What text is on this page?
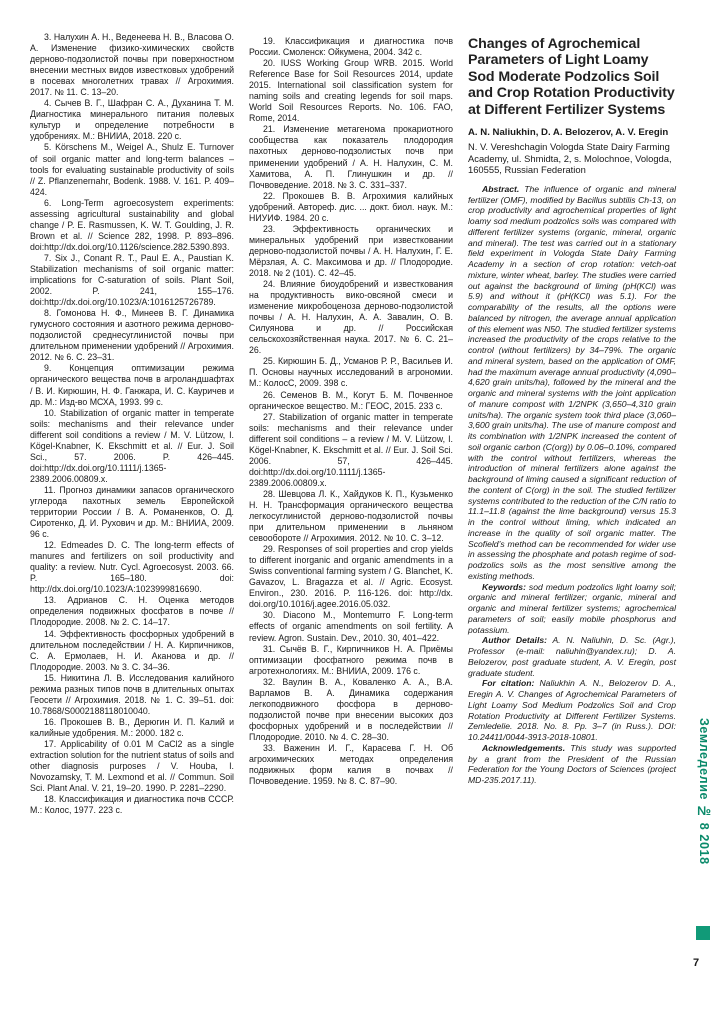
3. Налухин А. Н., Веденеева Н. В., Власова О. А. Изменение физико-химических свойств дерново-подзолистой почвы при поверхностном внесении местных видов известковых удобрений в посевах многолетних травах // Агрохимия. 2017. № 11. С. 13–20.

4. Сычев В. Г., Шафран С. А., Духанина Т. М. Диагностика минерального питания полевых культур и определение потребности в удобрениях. М.: ВНИИА, 2018. 220 с.

5. Körschens M., Weigel A., Shulz E. Turnover of soil organic matter and long-term balances – tools for evaluating sustainable productivity of soils // Z. Pflanzenernahr, Bodenk. 1988. V. 161. P. 409–424.

6. Long-Term agroecosystem experiments: assessing agricultural sustainability and global change / P. E. Rasmussen, K. W. T. Goulding, J. R. Brown et al. // Science 282, 1998. P. 893–896. doi:http://dx.doi.org/10.1126/science.282.5390.893.

7. Six J., Conant R. T., Paul E. A., Paustian K. Stabilization mechanisms of soil organic matter: implications for C-saturation of soils. Plant Soil, 2002. P. 241, 155–176. doi:http://dx.doi.org/10.1023/A:1016125726789.

8. Гомонова Н. Ф., Минеев В. Г. Динамика гумусного состояния и азотного режима дерново-подзолистой среднесуглинистой почвы при длительном применении удобрений // Агрохимия. 2012. № 6. С. 23–31.

9. Концепция оптимизации режима органического вещества почв в агроландшафтах / В. И. Кирюшин, Н. Ф. Ганжара, И. С. Кауричев и др. М.: Изд-во МСХА, 1993. 99 с.

10. Stabilization of organic matter in temperate soils: mechanisms and their relevance under different soil conditions a review / M. V. Lützow, I. Kögel-Knabner, K. Ekschmitt et al. // Eur. J. Soil Sci., 57. 2006. P. 426–445. doi:http://dx.doi.org/10.1111/j.1365-2389.2006.00809.x.

11. Прогноз динамики запасов органического углерода пахотных земель Европейской территории России / В. А. Романенков, О. Д. Сиротенко, Д. И. Рухович и др. М.: ВНИИА, 2009. 96 с.

12. Edmeades D. C. The long-term effects of manures and fertilizers on soil productivity and quality: a review. Nutr. Cycl. Agroecosyst. 2003. 66. P. 165–180. doi: http://dx.doi.org/10.1023/A:1023999816690.

13. Адрианов С. Н. Оценка методов определения подвижных фосфатов в почве // Плодородие. 2008. № 2. С. 14–17.

14. Эффективность фосфорных удобрений в длительном последействии / Н. А. Кирпичников, С. А. Ермолаев, Н. И. Аканова и др. // Плодородие. 2003. № 3. С. 34–36.

15. Никитина Л. В. Исследования калийного режима разных типов почв в длительных опытах Геосети // Агрохимия. 2018. № 1. С. 39–51. doi: 10.7868/S0002188118010040.

16. Прокошев В. В., Дерюгин И. П. Калий и калийные удобрения. М.: 2000. 182 с.

17. Applicability of 0.01 M CaCl2 as a single extraction solution for the nutrient status of soils and other diagnosis purposes / V. Houba, I. Novozamsky, T. M. Lexmond et al. // Commun. Soil Sci. Plant Anal. V. 21, 19–20. 1990. P. 2281–2290.

18. Классификация и диагностика почв СССР. М.: Колос, 1977. 223 с.

19. Классификация и диагностика почв России. Смоленск: Ойкумена, 2004. 342 с.

20. IUSS Working Group WRB. 2015. World Reference Base for Soil Resources 2014, update 2015. International soil classification system for naming soils and creating legends for soil maps. World Soil Resources Reports. No. 106. FAO, Rome, 2014.

21. Изменение метагенома прокариотного сообщества как показатель плодородия пахотных дерново-подзолистых почв при применении удобрений / А. Н. Налухин, С. М. Хамитова, А. П. Глинушкин и др. // Почвоведение. 2018. № 3. С. 331–337.

22. Прокошев В. В. Агрохимия калийных удобрений. Автореф. дис. ... докт. биол. наук. М.: НИУИФ. 1984. 20 с.

23. Эффективность органических и минеральных удобрений при известковании дерново-подзолистой почвы / А. Н. Налухин, Г. Е. Мёрзлая, А. С. Максимова и др. // Плодородие. 2018. № 2 (101). С. 42–45.

24. Влияние биоудобрений и известкования на продуктивность вико-овсяной смеси и изменение микробоценоза дерново-подзолистой почвы / А. Н. Налухин, А. А. Завалин, О. В. Силуянова и др. // Российская сельскохозяйственная наука. 2017. № 6. С. 21–26.

25. Кирюшин Б. Д., Усманов Р. Р., Васильев И. П. Основы научных исследований в агрономии. М.: КолосС, 2009. 398 с.

26. Семенов В. М., Когут Б. М. Почвенное органическое вещество. М.: ГЕОС, 2015. 233 с.

27. Stabilization of organic matter in temperate soils: mechanisms and their relevance under different soil conditions – a review / M. V. Lützow, I. Kögel-Knabner, K. Ekschmitt et al. // Eur. J. Soil Sci. 2006. 57, 426–445. doi:http://dx.doi.org/10.1111/j.1365-2389.2006.00809.x.

28. Шевцова Л. К., Хайдуков К. П., Кузьменко Н. Н. Трансформация органического вещества легкосуглинистой дерново-подзолистой почвы при длительном применении в льняном севообороте // Агрохимия. 2012. № 10. С. 3–12.

29. Responses of soil properties and crop yields to different inorganic and organic amendments in a Swiss conventional farming system / G. Blanchet, K. Gavazov, L. Bragazza et al. // Agric. Ecosyst. Environ., 230. 2016. P. 116-126. doi: http://dx. doi.org/10.1016/j.agee.2016.05.032.

30. Diacono M., Montemurro F. Long-term effects of organic amendments on soil fertility. A review. Agron. Sustain. Dev., 2010. 30, 401–422.

31. Сычёв В. Г., Кирпичников Н. А. Приёмы оптимизации фосфатного режима почв в агротехнологиях. М.: ВНИИА, 2009. 176 с.

32. Ваулин В. А., Коваленко А. А., В.А. Варламов В. А. Динамика содержания легкоподвижного фосфора в дерново-подзолистой почве при внесении высоких доз фосфорных удобрений и в последействии // Плодородие. 2010. № 4. С. 28–30.

33. Важенин И. Г., Карасева Г. Н. Об агрохимических методах определения подвижных форм калия в почвах // Почвоведение. 1959. № 8. С. 87–90.

Changes of Agrochemical Parameters of Light Loamy Sod Moderate Podzolics Soil and Crop Rotation Productivity at Different Fertilizer Systems
A. N. Naliukhin, D. A. Belozerov, A. V. Eregin
N. V. Vereshchagin Vologda State Dairy Farming Academy, ul. Shmidta, 2, s. Molochnoe, Vologda, 160555, Russian Federation

Abstract. The influence of organic and mineral fertilizer (OMF), modified by Bacillus subtilis Ch-13, on crop productivity and agrochemical properties of light loamy sod medium podzolics soils was compared with different fertilizer systems (organic, mineral, organic and mineral). The test was carried out in a stationary field experiment in Vologda State Dairy Farming Academy in a section of crop rotation: vetch-oat mixture, winter wheat, barley. The studies were carried out against the background of liming (pH(KCl) was 5.9) and without it (pH(KCl) was 5.1). For the comparability of the results, all the options were balanced by nitrogen, the average annual application of this element was N50. The studied fertilizer systems increased the productivity of the crops relative to the control (without fertilizers) by 34–79%. The organic and mineral system, based on the application of OMF, had the maximum average annual productivity (4,090–4,620 grain units/ha), followed by the mineral and the organic and mineral systems with the joint application of manure compost with 1/2NPK (3,650–4,310 grain units/ha). The organic system took third place (3,060–3,600 grain units/ha). The use of manure compost and its combination with 1/2NPK increased the content of soil organic carbon (C(org)) by 0.06–0.10%, compared with the control without fertilizers, whereas the introduction of mineral fertilizers alone against the background of liming caused a significant reduction of the content of C(org) in the soil. The studied fertilizer systems contributed to the reduction of the C/N ratio to 11.1–11.8 (against the lime background) versus 15.3 in the control without liming, which indicated an increase in the quality of soil organic matter. The Scofield’s method can be recommended for wider use in assessing the phosphate and potash regime of sod-podzolics soils as the most sensitive among the existing methods.

Keywords: sod medum podzolics light loamy soil; organic and mineral fertilizer; organic, mineral and organic and mineral fertilizer systems; agrochemical parameters of soil; easily mobile phosphorus and potassium.

Author Details: A. N. Naliuhin, D. Sc. (Agr.), Professor (e-mail: naliuhin@yandex.ru); D. A. Belozerov, post graduate student, A. V. Eregin, post graduate student.

For citation: Naliukhin A. N., Belozerov D. A., Eregin A. V. Changes of Agrochemical Parameters of Light Loamy Sod Medium Podzolics Soil and Crop Rotation Productivity at Different Fertilizer Systems. Zemledelie. 2018. No. 8. Pp. 3–7 (in Russ.). DOI: 10.24411/0044-3913-2018-10801.

Acknowledgements. This study was supported by a grant from the President of the Russian Federation for the Young Doctors of Sciences (project MD-235.2017.11).	Земледелие № 8 2018
7
